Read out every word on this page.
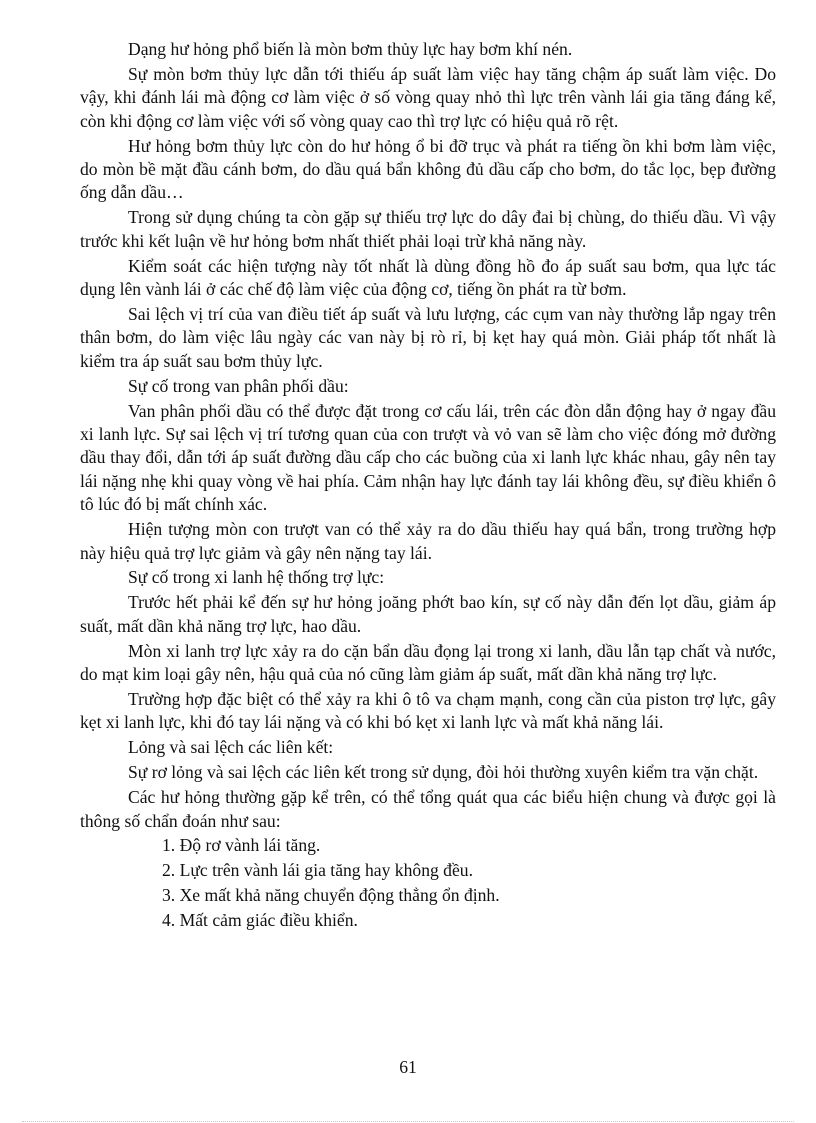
Dạng hư hỏng phổ biến là mòn bơm thủy lực hay bơm khí nén.

Sự mòn bơm thủy lực dẫn tới thiếu áp suất làm việc hay tăng chậm áp suất làm việc. Do vậy, khi đánh lái mà động cơ làm việc ở số vòng quay nhỏ thì lực trên vành lái gia tăng đáng kể, còn khi động cơ làm việc với số vòng quay cao thì trợ lực có hiệu quả rõ rệt.

Hư hỏng bơm thủy lực còn do hư hỏng ổ bi đỡ trục và phát ra tiếng ồn khi bơm làm việc, do mòn bề mặt đầu cánh bơm, do dầu quá bẩn không đủ dầu cấp cho bơm, do tắc lọc, bẹp đường ống dẫn dầu…

Trong sử dụng chúng ta còn gặp sự thiếu trợ lực do dây đai bị chùng, do thiếu dầu. Vì vậy trước khi kết luận về hư hỏng bơm nhất thiết phải loại trừ khả năng này.

Kiểm soát các hiện tượng này tốt nhất là dùng đồng hồ đo áp suất sau bơm, qua lực tác dụng lên vành lái ở các chế độ làm việc của động cơ, tiếng ồn phát ra từ bơm.

Sai lệch vị trí của van điều tiết áp suất và lưu lượng, các cụm van này thường lắp ngay trên thân bơm, do làm việc lâu ngày các van này bị rò rỉ, bị kẹt hay quá mòn. Giải pháp tốt nhất là kiểm tra áp suất sau bơm thủy lực.

Sự cố trong van phân phối dầu:

Van phân phối dầu có thể được đặt trong cơ cấu lái, trên các đòn dẫn động hay ở ngay đầu xi lanh lực. Sự sai lệch vị trí tương quan của con trượt và vỏ van sẽ làm cho việc đóng mở đường dầu thay đổi, dẫn tới áp suất đường dầu cấp cho các buồng của xi lanh lực khác nhau, gây nên tay lái nặng nhẹ khi quay vòng về hai phía. Cảm nhận hay lực đánh tay lái không đều, sự điều khiển ô tô lúc đó bị mất chính xác.

Hiện tượng mòn con trượt van có thể xảy ra do dầu thiếu hay quá bẩn, trong trường hợp này hiệu quả trợ lực giảm và gây nên nặng tay lái.

Sự cố trong xi lanh hệ thống trợ lực:

Trước hết phải kể đến sự hư hỏng joăng phớt bao kín, sự cố này dẫn đến lọt dầu, giảm áp suất, mất dần khả năng trợ lực, hao dầu.

Mòn xi lanh trợ lực xảy ra do cặn bẩn dầu đọng lại trong xi lanh, dầu lẫn tạp chất và nước, do mạt kim loại gây nên, hậu quả của nó cũng làm giảm áp suất, mất dần khả năng trợ lực.

Trường hợp đặc biệt có thể xảy ra khi ô tô va chạm mạnh, cong cần của piston trợ lực, gây kẹt xi lanh lực, khi đó tay lái nặng và có khi bó kẹt xi lanh lực và mất khả năng lái.

Lỏng và sai lệch các liên kết:

Sự rơ lỏng và sai lệch các liên kết trong sử dụng, đòi hỏi thường xuyên kiểm tra vặn chặt.

Các hư hỏng thường gặp kể trên, có thể tổng quát qua các biểu hiện chung và được gọi là thông số chẩn đoán như sau:

1. Độ rơ vành lái tăng.

2. Lực trên vành lái gia tăng hay không đều.

3. Xe mất khả năng chuyển động thẳng ổn định.

4. Mất cảm giác điều khiển.

61
